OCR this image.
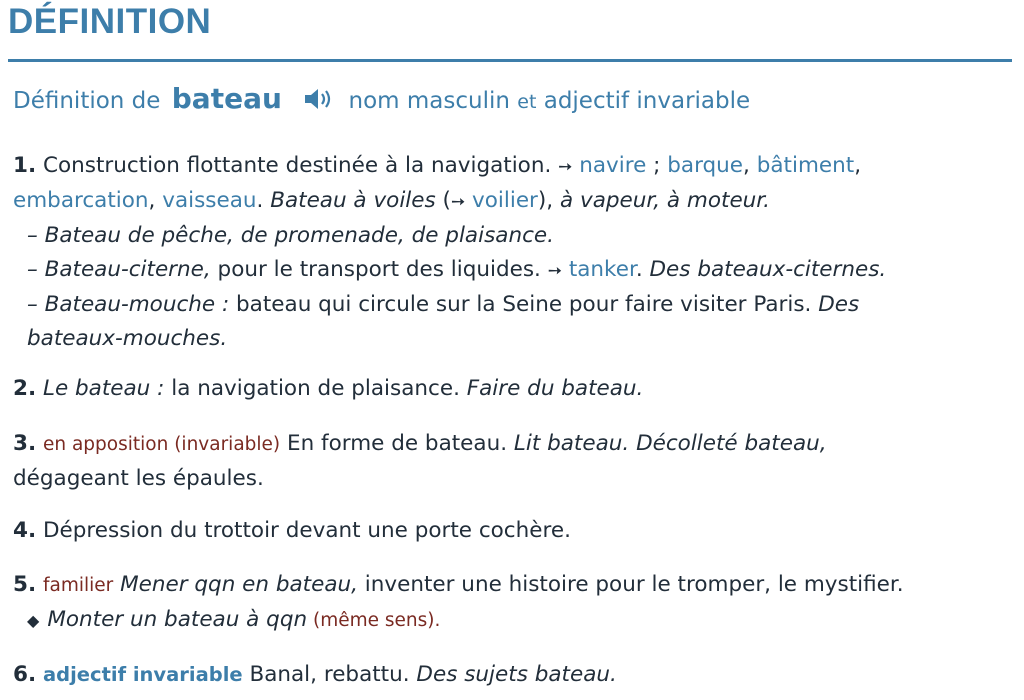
DÉFINITION
Définition de bateau	nom masculin et adjectif invariable
1. Construction flottante destinée à la navigation. ➙ navire ; barque, bâtiment,
embarcation, vaisseau. Bateau à voiles (➙ voilier), à vapeur, à moteur.
– Bateau de pêche, de promenade, de plaisance.
– Bateau-citerne, pour le transport des liquides. ➙ tanker. Des bateaux-citernes.
– Bateau-mouche : bateau qui circule sur la Seine pour faire visiter Paris. Des
bateaux-mouches.
2. Le bateau : la navigation de plaisance. Faire du bateau.
3. en apposition (invariable) En forme de bateau. Lit bateau. Décolleté bateau,
dégageant les épaules.
4. Dépression du trottoir devant une porte cochère.
5. familier Mener qqn en bateau, inventer une histoire pour le tromper, le mystifier.
◆ Monter un bateau à qqn (même sens).
6. adjectif invariable Banal, rebattu. Des sujets bateau.
